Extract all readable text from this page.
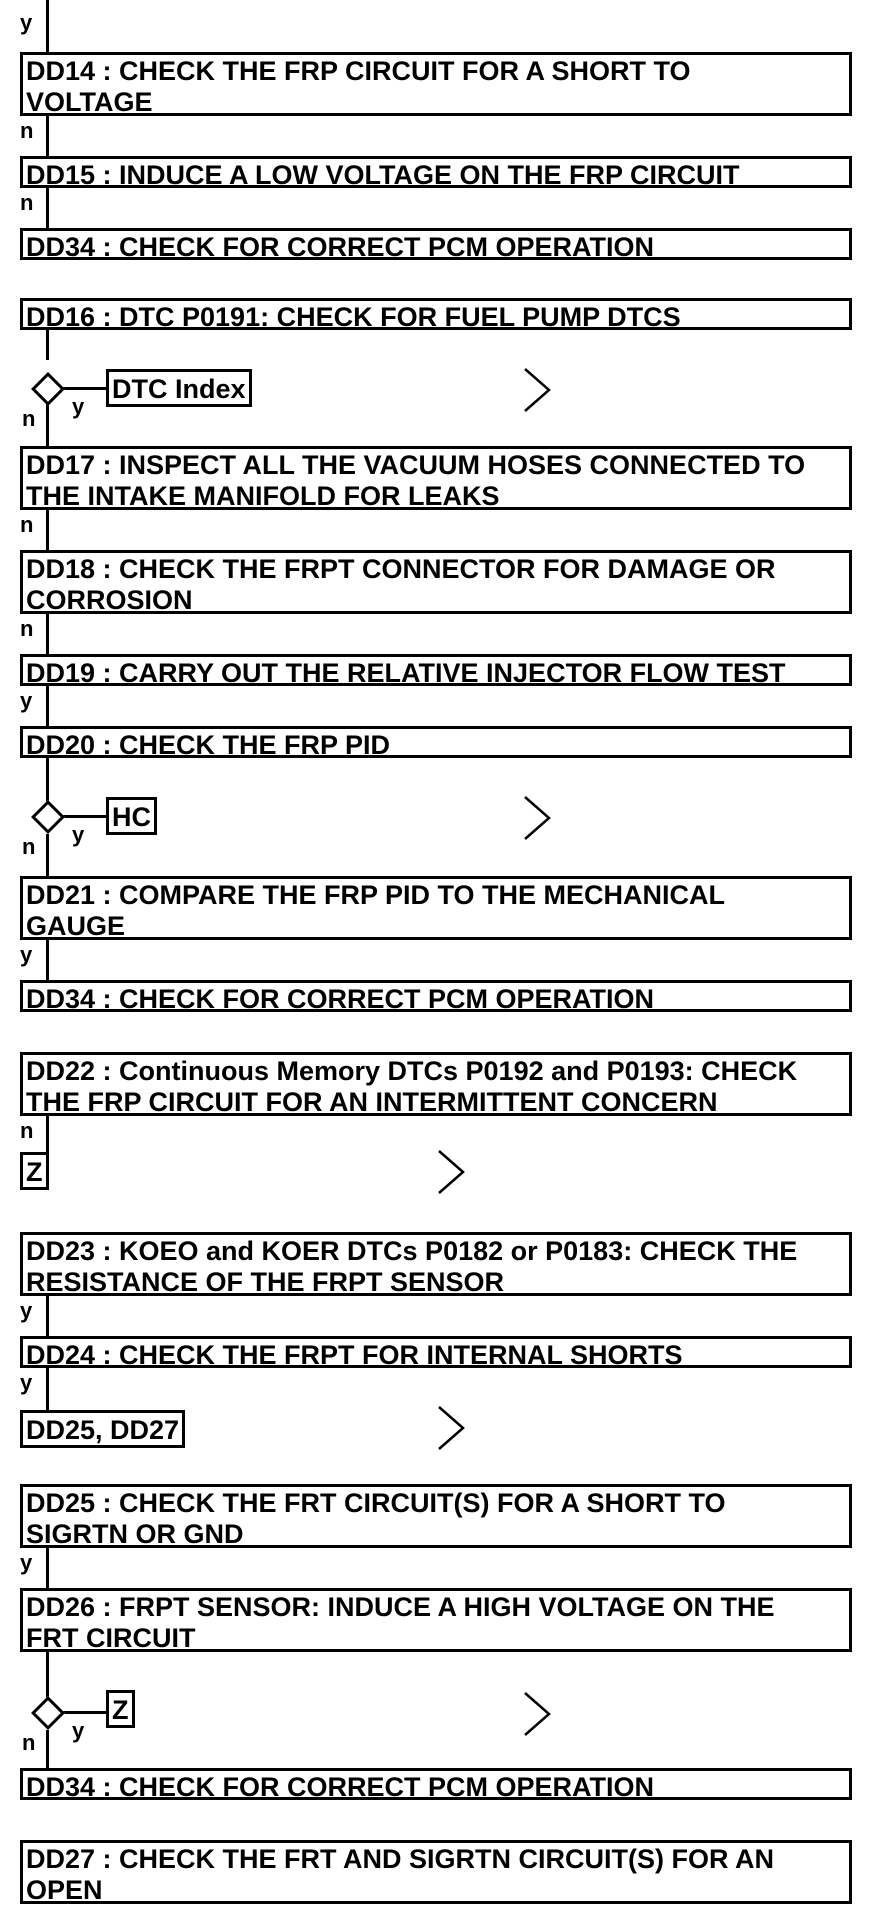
y
DD14 : CHECK THE FRP CIRCUIT FOR A SHORT TO
VOLTAGE
n
DD15 : INDUCE A LOW VOLTAGE ON THE FRP CIRCUIT
n
DD34 : CHECK FOR CORRECT PCM OPERATION
DD16 : DTC P0191: CHECK FOR FUEL PUMP DTCS
DTC Index
y
n
DD17 : INSPECT ALL THE VACUUM HOSES CONNECTED TO
THE INTAKE MANIFOLD FOR LEAKS
n
DD18 : CHECK THE FRPT CONNECTOR FOR DAMAGE OR
CORROSION
n
DD19 : CARRY OUT THE RELATIVE INJECTOR FLOW TEST
y
DD20 : CHECK THE FRP PID
HC
y
n
DD21 : COMPARE THE FRP PID TO THE MECHANICAL
GAUGE
y
DD34 : CHECK FOR CORRECT PCM OPERATION
DD22 : Continuous Memory DTCs P0192 and P0193: CHECK
THE FRP CIRCUIT FOR AN INTERMITTENT CONCERN
n
Z
DD23 : KOEO and KOER DTCs P0182 or P0183: CHECK THE
RESISTANCE OF THE FRPT SENSOR
y
DD24 : CHECK THE FRPT FOR INTERNAL SHORTS
y
DD25, DD27
DD25 : CHECK THE FRT CIRCUIT(S) FOR A SHORT TO
SIGRTN OR GND
y
DD26 : FRPT SENSOR: INDUCE A HIGH VOLTAGE ON THE
FRT CIRCUIT
Z
y
n
DD34 : CHECK FOR CORRECT PCM OPERATION
DD27 : CHECK THE FRT AND SIGRTN CIRCUIT(S) FOR AN
OPEN
